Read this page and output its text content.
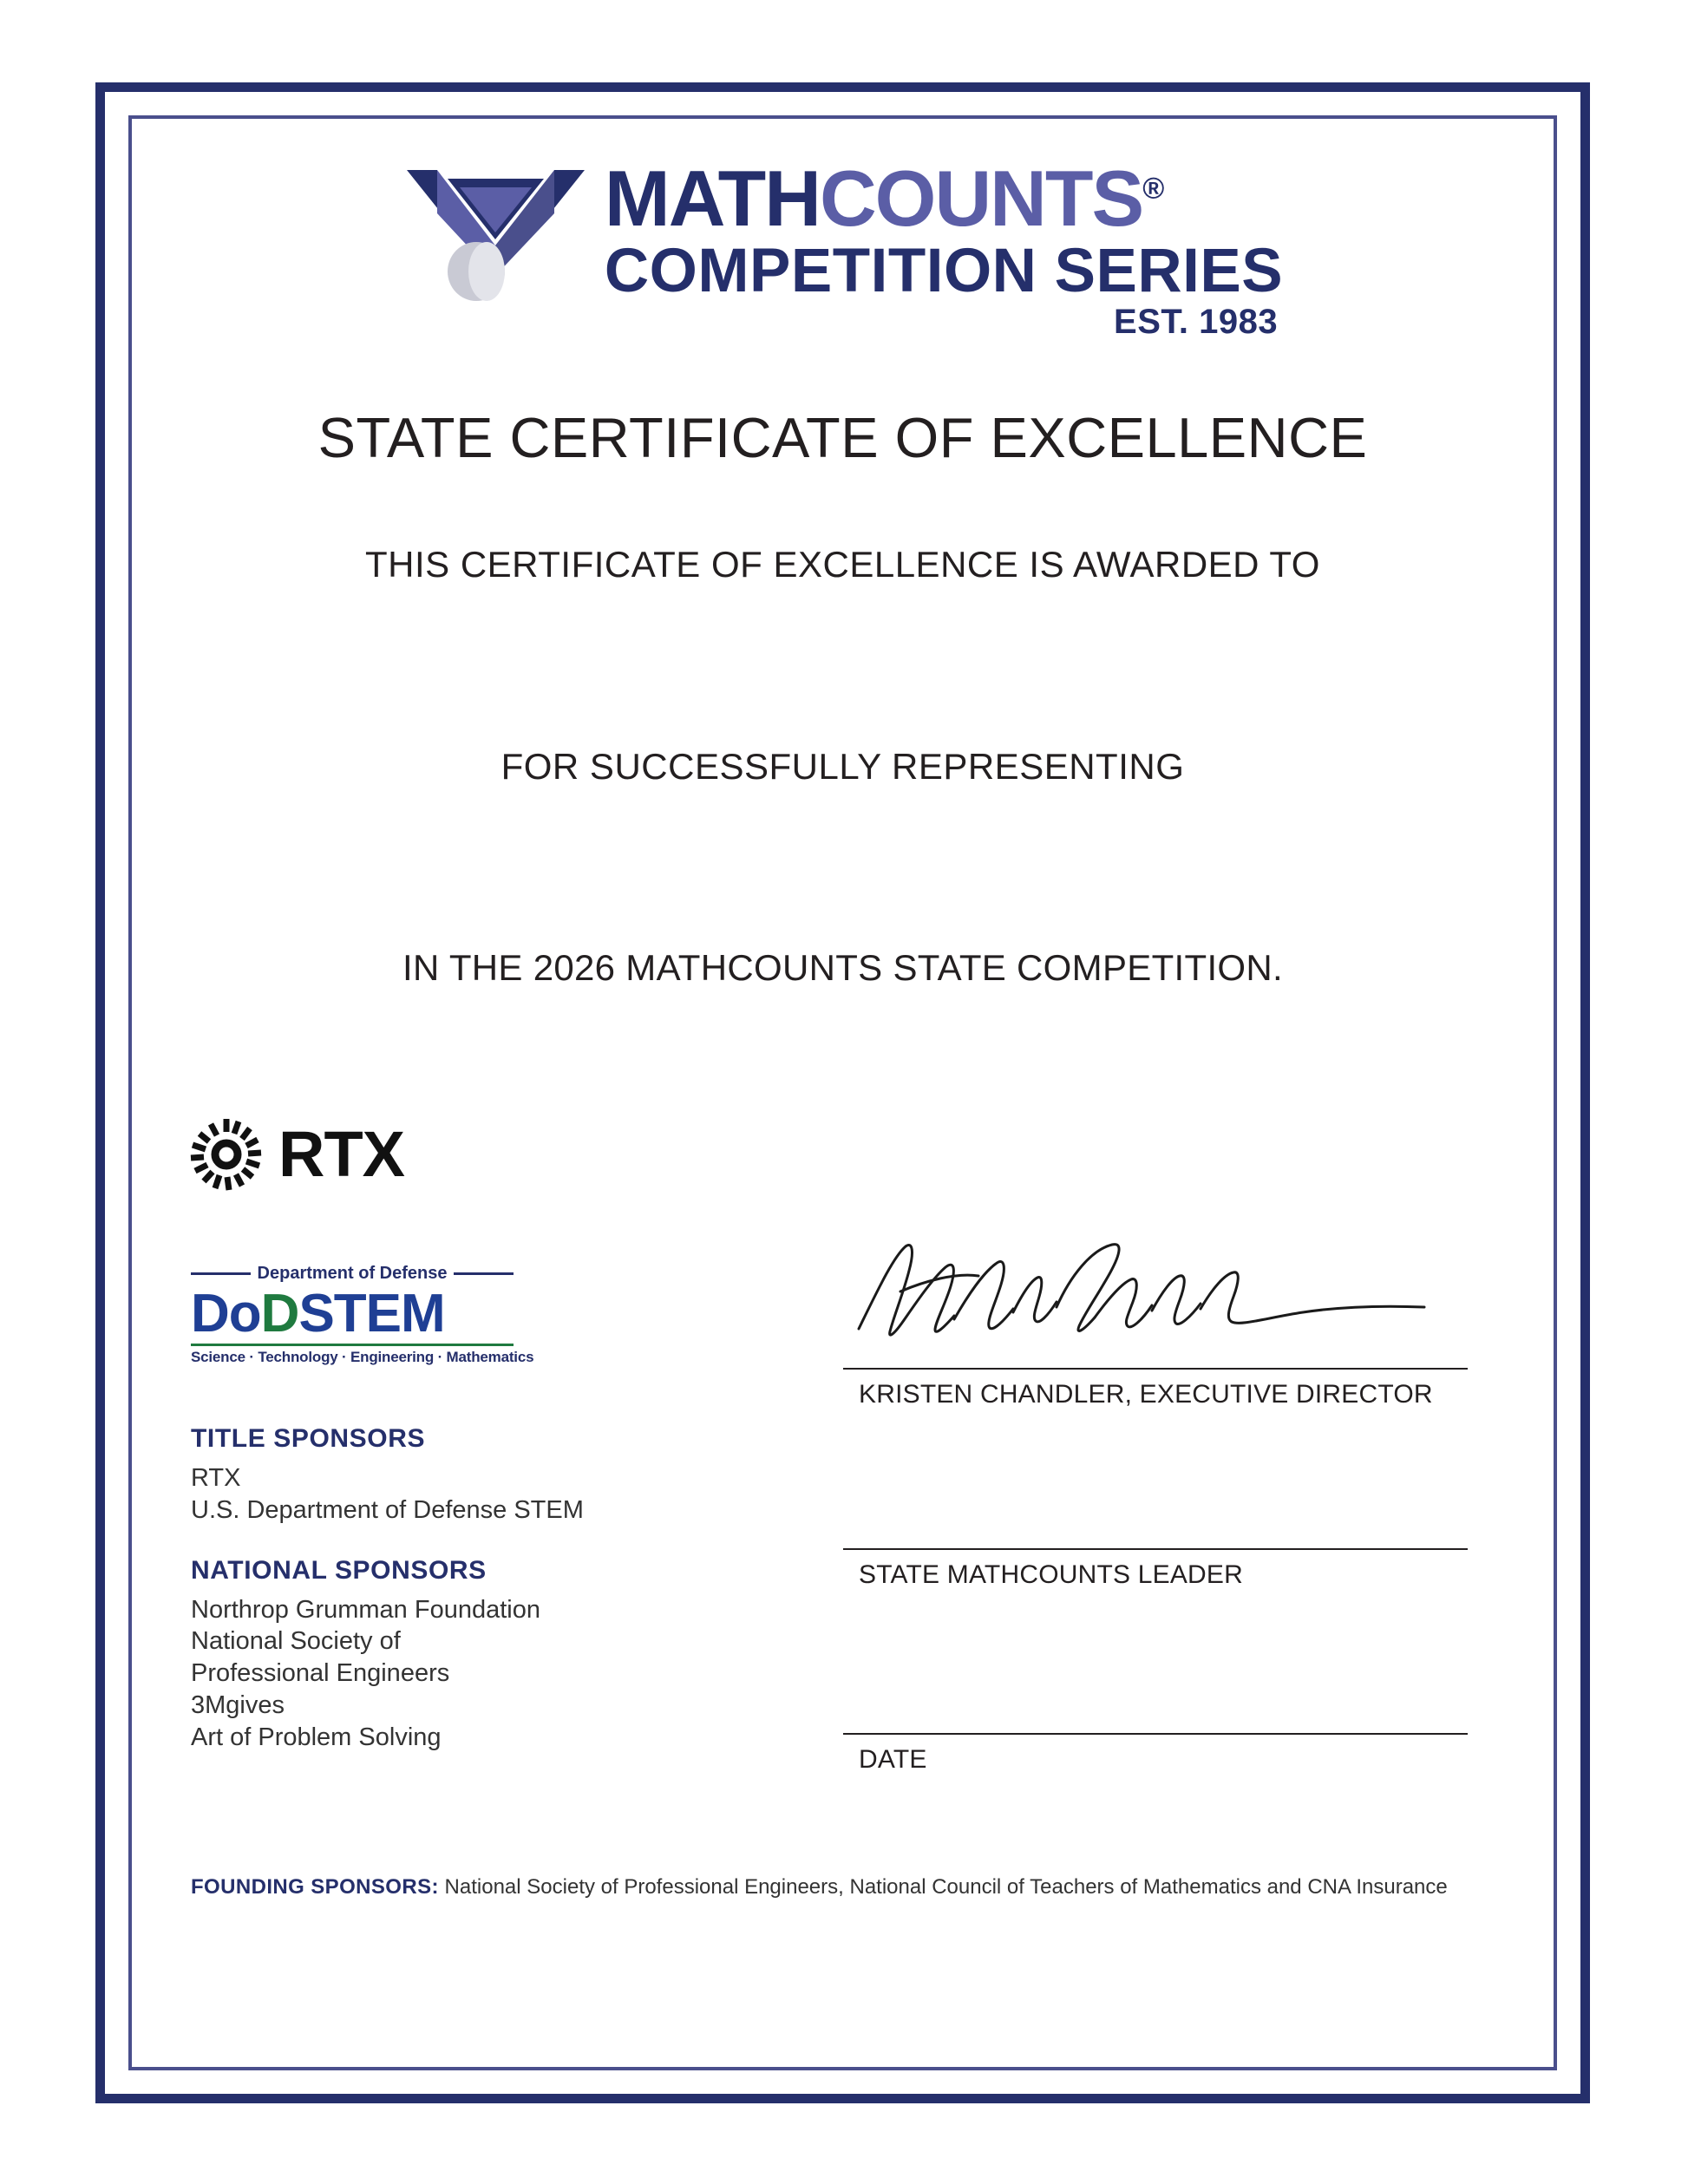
MATHCOUNTS®
COMPETITION SERIES
EST. 1983
STATE CERTIFICATE OF EXCELLENCE
THIS CERTIFICATE OF EXCELLENCE IS AWARDED TO
FOR SUCCESSFULLY REPRESENTING
IN THE 2026 MATHCOUNTS STATE COMPETITION.
RTX
Department of Defense
DoDSTEM
Science · Technology · Engineering · Mathematics
TITLE SPONSORS
RTX
U.S. Department of Defense STEM
NATIONAL SPONSORS
Northrop Grumman Foundation
National Society of
Professional Engineers
3Mgives
Art of Problem Solving
KRISTEN CHANDLER, EXECUTIVE DIRECTOR
STATE MATHCOUNTS LEADER
DATE
FOUNDING SPONSORS: National Society of Professional Engineers, National Council of Teachers of Mathematics and CNA Insurance
